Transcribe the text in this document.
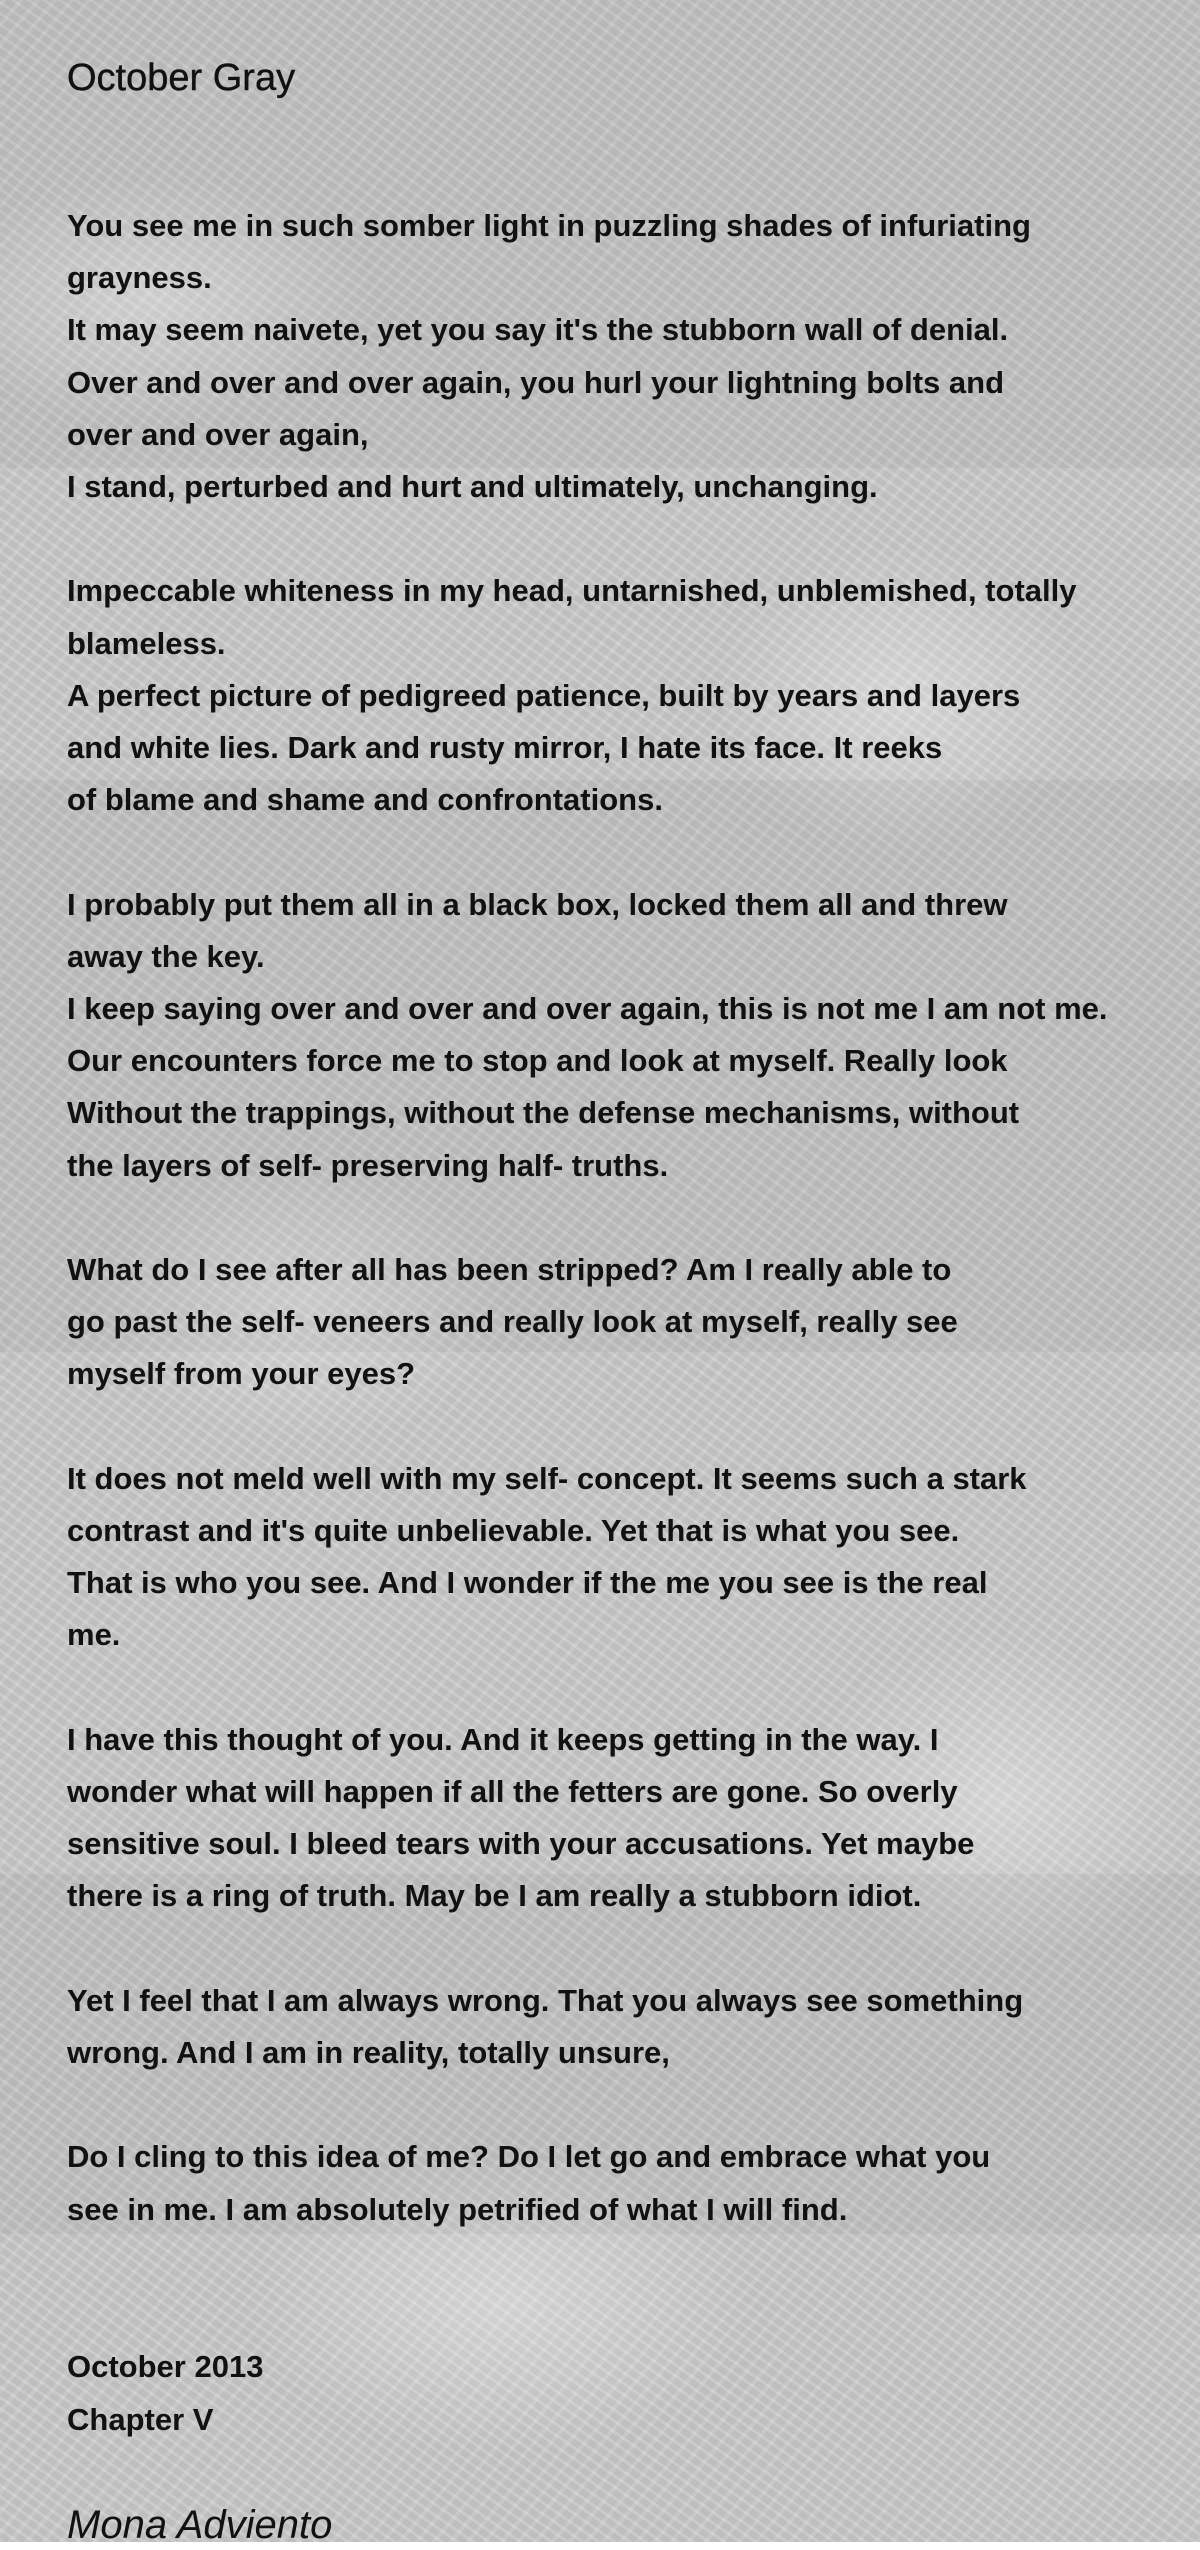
October Gray

You see me in such somber light in puzzling shades of infuriating
grayness.
It may seem naivete, yet you say it's the stubborn wall of denial.
Over and over and over again, you hurl your lightning bolts and
over and over again,
I stand, perturbed and hurt and ultimately, unchanging.

Impeccable whiteness in my head, untarnished, unblemished, totally
blameless.
A perfect picture of pedigreed patience, built by years and layers
and white lies. Dark and rusty mirror, I hate its face. It reeks
of blame and shame and confrontations.

I probably put them all in a black box, locked them all and threw
away the key.
I keep saying over and over and over again, this is not me I am not me.
Our encounters force me to stop and look at myself. Really look
Without the trappings, without the defense mechanisms, without
the layers of self- preserving half- truths.

What do I see after all has been stripped? Am I really able to
go past the self- veneers and really look at myself, really see
myself from your eyes?

It does not meld well with my self- concept. It seems such a stark
contrast and it's quite unbelievable. Yet that is what you see.
That is who you see. And I wonder if the me you see is the real
me.

I have this thought of you. And it keeps getting in the way. I
wonder what will happen if all the fetters are gone. So overly
sensitive soul. I bleed tears with your accusations. Yet maybe
there is a ring of truth. May be I am really a stubborn idiot.

Yet I feel that I am always wrong. That you always see something
wrong. And I am in reality, totally unsure,

Do I cling to this idea of me? Do I let go and embrace what you
see in me. I am absolutely petrified of what I will find.

October 2013
Chapter V
Mona Adviento
